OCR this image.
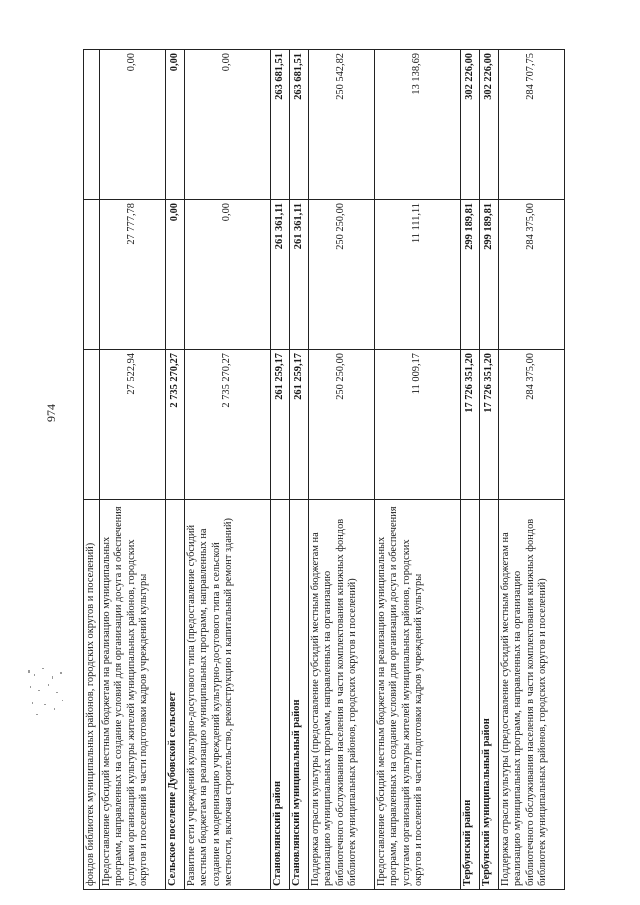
974
фондов библиотек муниципальных районов, городских округов и поселений)			
Предоставление субсидий местным бюджетам на реализацию муниципальных программ, направленных на создание условий для организации досуга и обеспечения услугами организаций культуры жителей муниципальных районов, городских округов и поселений в части подготовки кадров учреждений культуры	27 522,94	27 777,78	0,00
Сельское поселение Дубовской сельсовет	2 735 270,27	0,00	0,00
Развитие сети учреждений культурно-досугового типа (предоставление субсидий местным бюджетам на реализацию муниципальных программ, направленных на создание и модернизацию учреждений культурно-досугового типа в сельской местности, включая строительство, реконструкцию и капитальный ремонт зданий)	2 735 270,27	0,00	0,00
Становлянский район	261 259,17	261 361,11	263 681,51
Становлянский муниципальный район	261 259,17	261 361,11	263 681,51
Поддержка отрасли культуры (предоставление субсидий местным бюджетам на реализацию муниципальных программ, направленных на организацию библиотечного обслуживания населения в части комплектования книжных фондов библиотек муниципальных районов, городских округов и поселений)	250 250,00	250 250,00	250 542,82
Предоставление субсидий местным бюджетам на реализацию муниципальных программ, направленных на создание условий для организации досуга и обеспечения услугами организаций культуры жителей муниципальных районов, городских округов и поселений в части подготовки кадров учреждений культуры	11 009,17	11 111,11	13 138,69
Тербунский район	17 726 351,20	299 189,81	302 226,00
Тербунский муниципальный район	17 726 351,20	299 189,81	302 226,00
Поддержка отрасли культуры (предоставление субсидий местным бюджетам на реализацию муниципальных программ, направленных на организацию библиотечного обслуживания населения в части комплектования книжных фондов библиотек муниципальных районов, городских округов и поселений)	284 375,00	284 375,00	284 707,75
